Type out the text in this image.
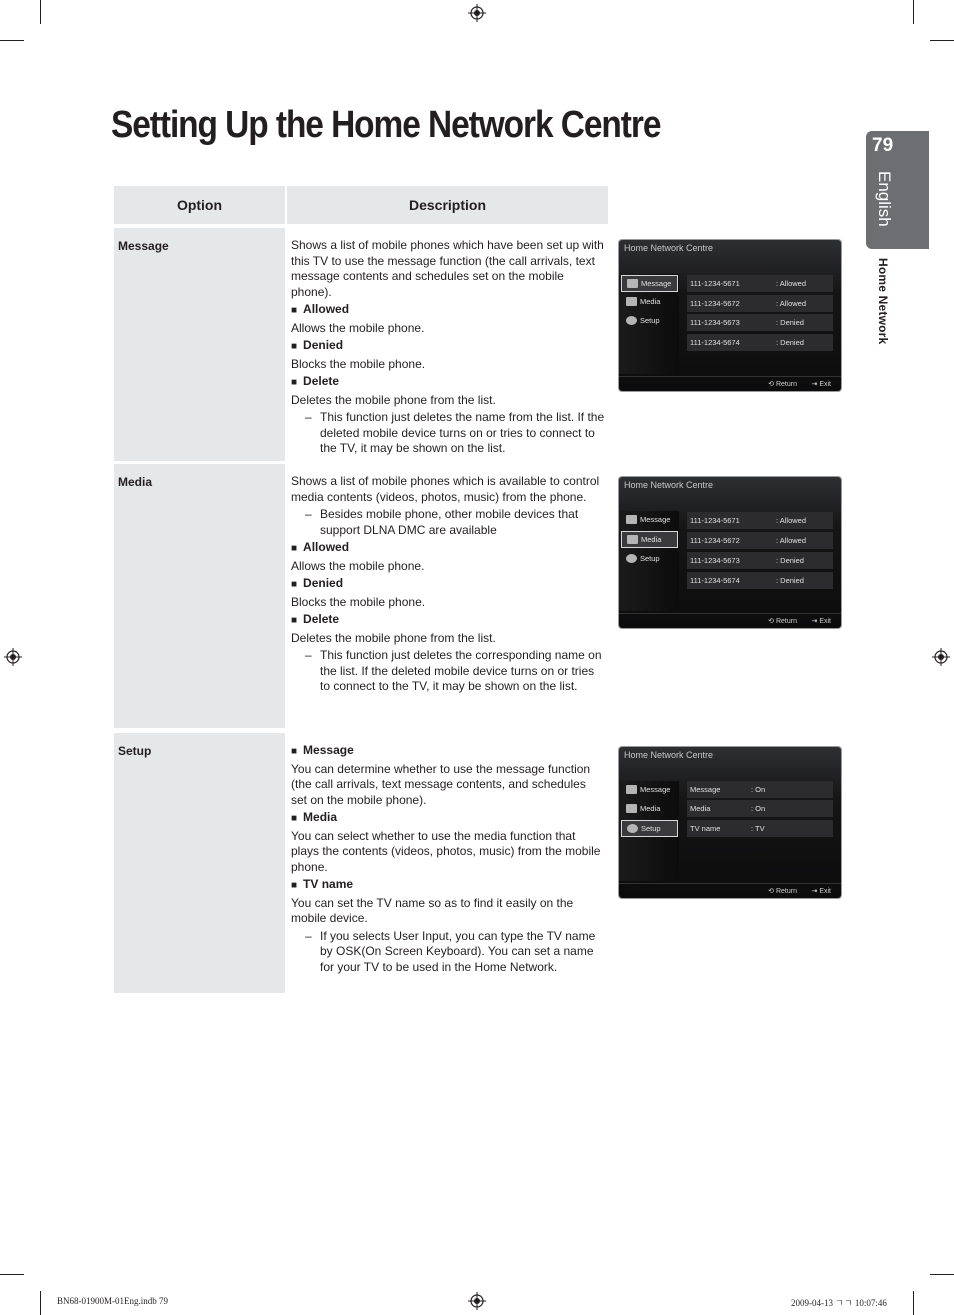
Setting Up the Home Network Centre	79
English
Home Network
Option	Description
Message	Shows a list of mobile phones which have been set up with this TV to use the message function (the call arrivals, text message contents and schedules set on the mobile phone).

■ Allowed

Allows the mobile phone.

■ Denied

Blocks the mobile phone.

■ Delete

Deletes the mobile phone from the list.

– This function just deletes the name from the list. If the deleted mobile device turns on or tries to connect to the TV, it may be shown on the list.
Media	Shows a list of mobile phones which is available to control media contents (videos, photos, music) from the phone.

– Besides mobile phone, other mobile devices that support DLNA DMC are available

■ Allowed

Allows the mobile phone.

■ Denied

Blocks the mobile phone.

■ Delete

Deletes the mobile phone from the list.

– This function just deletes the corresponding name on the list. If the deleted mobile device turns on or tries to connect to the TV, it may be shown on the list.
Setup

■	Message

You can determine whether to use the message function (the call arrivals, text message contents, and schedules set on the mobile phone).

■ Media

You can select whether to use the media function that plays the contents (videos, photos, music) from the mobile phone.

■ TV name

You can set the TV name so as to find it easily on the mobile device.

– If you selects User Input, you can type the TV name by OSK(On Screen Keyboard). You can set a name for your TV to be used in the Home Network.
Home Network Centre
Message
Media
Setup
111-1234-5671	: Allowed
111-1234-5672	: Allowed
111-1234-5673	: Denied
111-1234-5674	: Denied
⟲ Return ⇥ Exit
Home Network Centre
Message
Media
Setup
111-1234-5671	: Allowed
111-1234-5672	: Allowed
111-1234-5673	: Denied
111-1234-5674	: Denied
⟲ Return ⇥ Exit
Home Network Centre
Message
Media
Setup
Message	: On
Media	: On
TV name	: TV
⟲ Return ⇥ Exit
BN68-01900M-01Eng.indb 79	2009-04-13 ㄱㄱ 10:07:46
